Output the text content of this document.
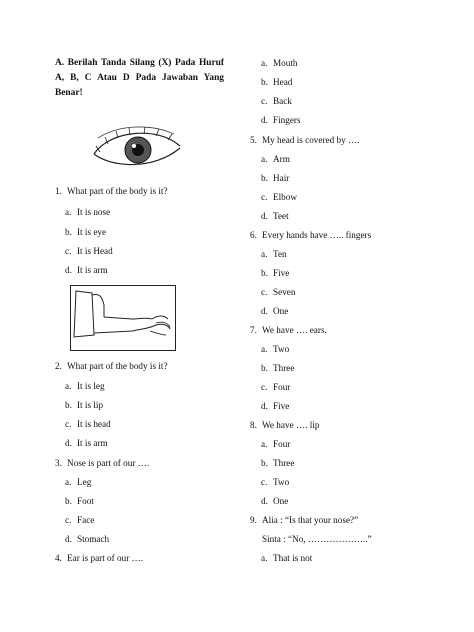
A. Berilah Tanda Silang (X) Pada Huruf A, B, C Atau D Pada Jawaban Yang Benar!
1. What part of the body is it?
a. It is nose
b. It is eye
c. It is Head
d. It is arm
2. What part of the body is it?
a. It is leg
b. It is lip
c. It is head
d. It is arm
3. Nose is part of our ….
a. Leg
b. Foot
c. Face
d. Stomach
4. Ear is part of our ….
a. Mouth
b. Head
c. Back
d. Fingers
5. My head is covered by ….
a. Arm
b. Hair
c. Elbow
d. Teet
6. Every hands have ….. fingers
a. Ten
b. Five
c. Seven
d. One
7. We have …. ears.
a. Two
b. Three
c. Four
d. Five
8. We have …. lip
a. Four
b. Three
c. Two
d. One
9. Alia : “Is that your nose?”
Sinta : “No, ………………..”
a. That is not
